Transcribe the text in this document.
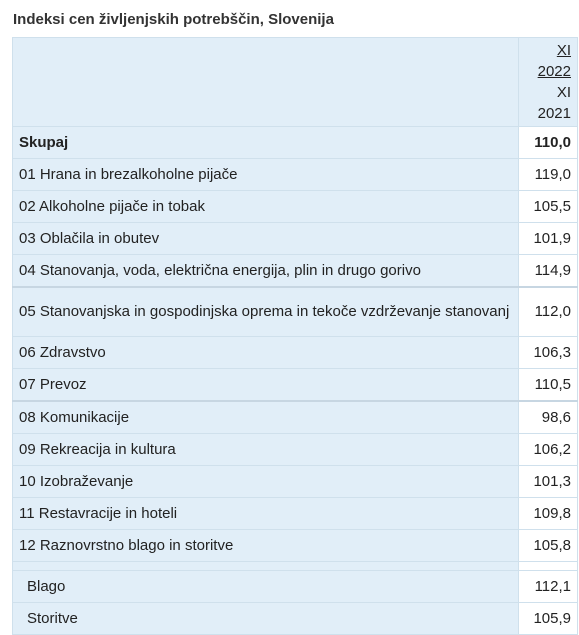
Indeksi cen življenjskih potrebščin, Slovenija

	XI 2022
XI 2021

Skupaj	110,0
01 Hrana in brezalkoholne pijače	119,0
02 Alkoholne pijače in tobak	105,5
03 Oblačila in obutev	101,9
04 Stanovanja, voda, električna energija, plin in drugo gorivo	114,9
05 Stanovanjska in gospodinjska oprema in tekoče vzdrževanje stanovanj	112,0
06 Zdravstvo	106,3
07 Prevoz	110,5
08 Komunikacije	98,6
09 Rekreacija in kultura	106,2
10 Izobraževanje	101,3
11 Restavracije in hoteli	109,8
12 Raznovrstno blago in storitve	105,8

Blago	112,1
Storitve	105,9
